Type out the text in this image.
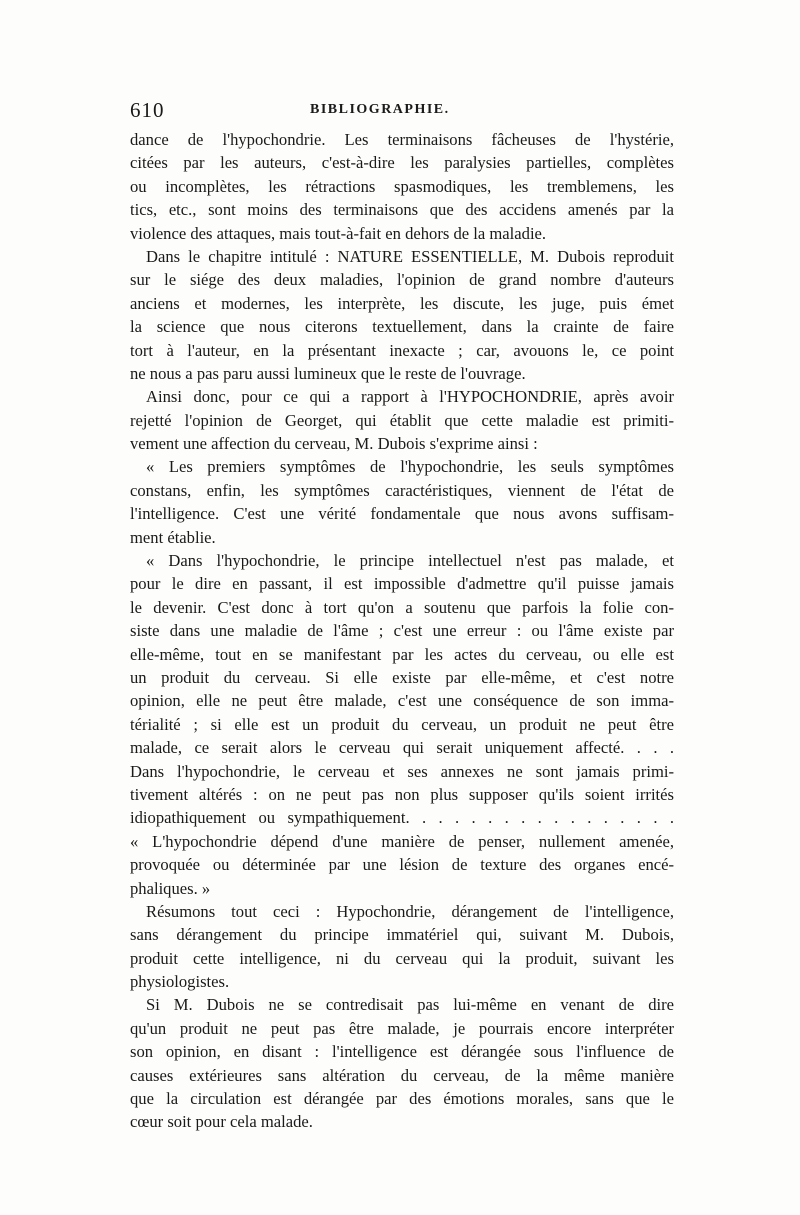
610	BIBLIOGRAPHIE.
dance de l'hypochondrie. Les terminaisons fâcheuses de l'hystérie,
citées par les auteurs, c'est-à-dire les paralysies partielles, complètes
ou incomplètes, les rétractions spasmodiques, les tremblemens, les
tics, etc., sont moins des terminaisons que des accidens amenés par la
violence des attaques, mais tout-à-fait en dehors de la maladie.
Dans le chapitre intitulé : NATURE ESSENTIELLE, M. Dubois reproduit
sur le siége des deux maladies, l'opinion de grand nombre d'auteurs
anciens et modernes, les interprète, les discute, les juge, puis émet
la science que nous citerons textuellement, dans la crainte de faire
tort à l'auteur, en la présentant inexacte ; car, avouons le, ce point
ne nous a pas paru aussi lumineux que le reste de l'ouvrage.
Ainsi donc, pour ce qui a rapport à l'HYPOCHONDRIE, après avoir
rejetté l'opinion de Georget, qui établit que cette maladie est primiti-
vement une affection du cerveau, M. Dubois s'exprime ainsi :
« Les premiers symptômes de l'hypochondrie, les seuls symptômes
constans, enfin, les symptômes caractéristiques, viennent de l'état de
l'intelligence. C'est une vérité fondamentale que nous avons suffisam-
ment établie.
« Dans l'hypochondrie, le principe intellectuel n'est pas malade, et
pour le dire en passant, il est impossible d'admettre qu'il puisse jamais
le devenir. C'est donc à tort qu'on a soutenu que parfois la folie con-
siste dans une maladie de l'âme ; c'est une erreur : ou l'âme existe par
elle-même, tout en se manifestant par les actes du cerveau, ou elle est
un produit du cerveau. Si elle existe par elle-même, et c'est notre
opinion, elle ne peut être malade, c'est une conséquence de son imma-
térialité ; si elle est un produit du cerveau, un produit ne peut être
malade, ce serait alors le cerveau qui serait uniquement affecté. . . .
Dans l'hypochondrie, le cerveau et ses annexes ne sont jamais primi-
tivement altérés : on ne peut pas non plus supposer qu'ils soient irrités
idiopathiquement ou sympathiquement. . . . . . . . . . . . . . . . .
« L'hypochondrie dépend d'une manière de penser, nullement amenée,
provoquée ou déterminée par une lésion de texture des organes encé-
phaliques. »
Résumons tout ceci : Hypochondrie, dérangement de l'intelligence,
sans dérangement du principe immatériel qui, suivant M. Dubois,
produit cette intelligence, ni du cerveau qui la produit, suivant les
physiologistes.
Si M. Dubois ne se contredisait pas lui-même en venant de dire
qu'un produit ne peut pas être malade, je pourrais encore interpréter
son opinion, en disant : l'intelligence est dérangée sous l'influence de
causes extérieures sans altération du cerveau, de la même manière
que la circulation est dérangée par des émotions morales, sans que le
cœur soit pour cela malade.
